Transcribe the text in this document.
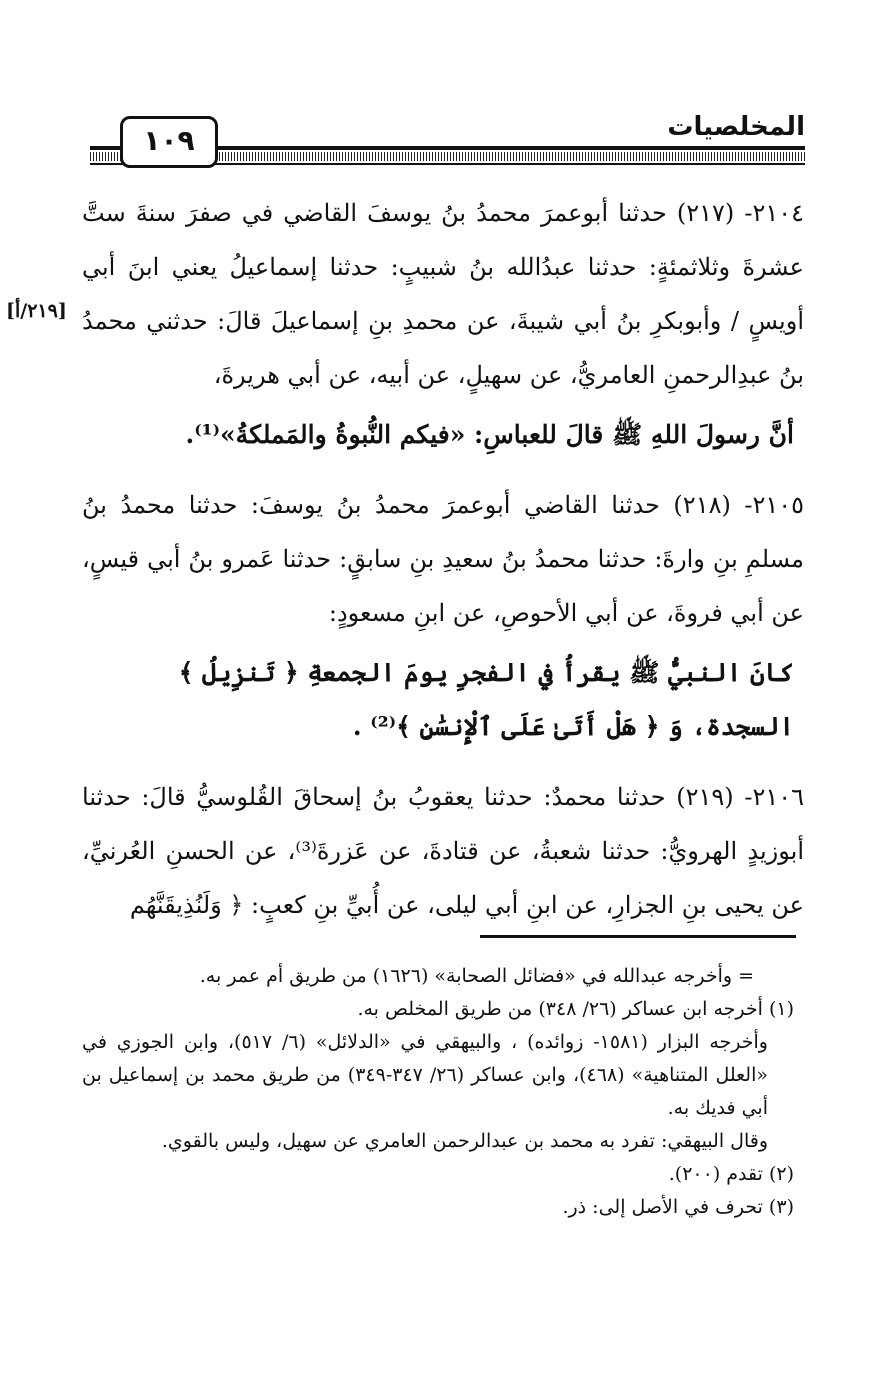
المخلصيات
١٠٩
[٢١٩/أ]

٢١٠٤- (٢١٧) حدثنا أبوعمرَ محمدُ بنُ يوسفَ القاضي في صفرَ سنةَ ستَّ عشرةَ وثلاثمئةٍ: حدثنا عبدُالله بنُ شبيبٍ: حدثنا إسماعيلُ يعني ابنَ أبي أويسٍ / وأبوبكرِ بنُ أبي شيبةَ، عن محمدِ بنِ إسماعيلَ قالَ: حدثني محمدُ بنُ عبدِالرحمنِ العامريُّ، عن سهيلٍ، عن أبيه، عن أبي هريرةَ،

أنَّ رسولَ اللهِ ﷺ قالَ للعباسِ: «فيكم النُّبوةُ والمَملكةُ»⁽¹⁾.

٢١٠٥- (٢١٨) حدثنا القاضي أبوعمرَ محمدُ بنُ يوسفَ: حدثنا محمدُ بنُ مسلمِ بنِ وارةَ: حدثنا محمدُ بنُ سعيدِ بنِ سابقٍ: حدثنا عَمرو بنُ أبي قيسٍ، عن أبي فروةَ، عن أبي الأحوصِ، عن ابنِ مسعودٍ:

كانَ النبيُّ ﷺ يقرأُ في الفجرِ يومَ الجمعةِ ﴿ تَنزِيلُ ﴾ السجدة، وَ ﴿ هَلْ أَتَىٰ عَلَى ٱلْإِنسَٰنِ ﴾⁽²⁾ .

٢١٠٦- (٢١٩) حدثنا محمدٌ: حدثنا يعقوبُ بنُ إسحاقَ القُلوسيُّ قالَ: حدثنا أبوزيدٍ الهرويُّ: حدثنا شعبةُ، عن قتادةَ، عن عَزرةَ⁽³⁾، عن الحسنِ العُرنيِّ، عن يحيى بنِ الجزارِ، عن ابنِ أبي ليلى، عن أُبيِّ بنِ كعبٍ: ﴿ وَلَنُذِيقَنَّهُم

= وأخرجه عبدالله في «فضائل الصحابة» (١٦٢٦) من طريق أم عمر به.

(١) أخرجه ابن عساكر (٢٦/ ٣٤٨) من طريق المخلص به.

وأخرجه البزار (١٥٨١- زوائده) ، والبيهقي في «الدلائل» (٦/ ٥١٧)، وابن الجوزي في «العلل المتناهية» (٤٦٨)، وابن عساكر (٢٦/ ٣٤٧-٣٤٩) من طريق محمد بن إسماعيل بن أبي فديك به.

وقال البيهقي: تفرد به محمد بن عبدالرحمن العامري عن سهيل، وليس بالقوي.

(٢) تقدم (٢٠٠).

(٣) تحرف في الأصل إلى: ذر.
